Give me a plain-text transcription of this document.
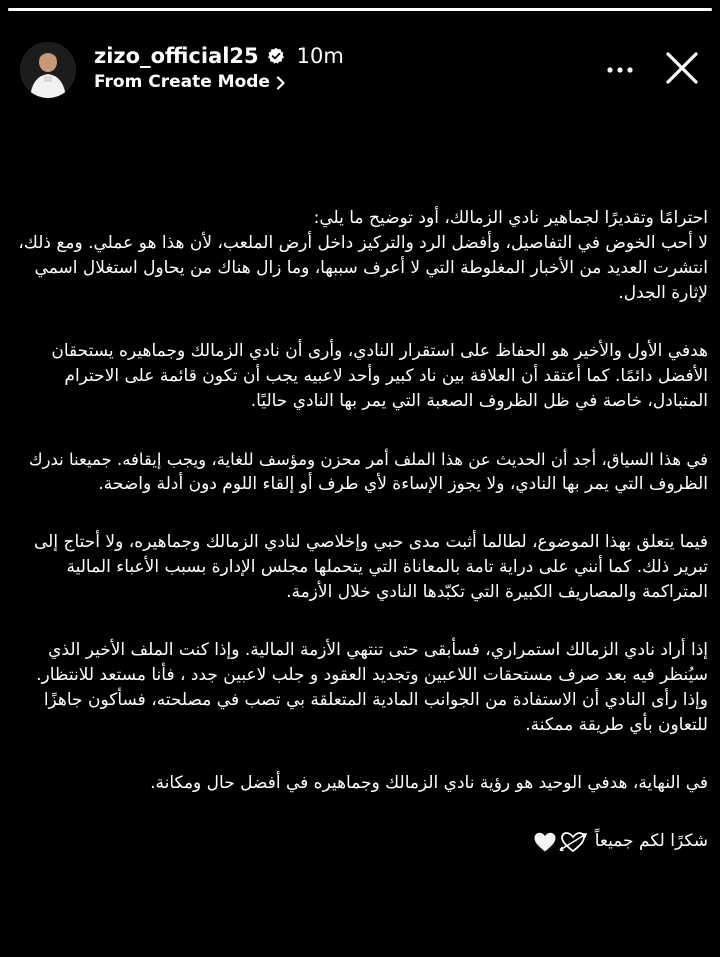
zizo_official25 10m
From Create Mode
احترامًا وتقديرًا لجماهير نادي الزمالك، أود توضيح ما يلي:
لا أحب الخوض في التفاصيل، وأفضل الرد والتركيز داخل أرض الملعب، لأن هذا هو عملي. ومع ذلك،
انتشرت العديد من الأخبار المغلوطة التي لا أعرف سببها، وما زال هناك من يحاول استغلال اسمي
لإثارة الجدل.
هدفي الأول والأخير هو الحفاظ على استقرار النادي، وأرى أن نادي الزمالك وجماهيره يستحقان
الأفضل دائمًا. كما أعتقد أن العلاقة بين ناد كبير وأحد لاعبيه يجب أن تكون قائمة على الاحترام
المتبادل، خاصة في ظل الظروف الصعبة التي يمر بها النادي حاليًا.
في هذا السياق، أجد أن الحديث عن هذا الملف أمر محزن ومؤسف للغاية، ويجب إيقافه. جميعنا ندرك
الظروف التي يمر بها النادي، ولا يجوز الإساءة لأي طرف أو إلقاء اللوم دون أدلة واضحة.
فيما يتعلق بهذا الموضوع، لطالما أثبت مدى حبي وإخلاصي لنادي الزمالك وجماهيره، ولا أحتاج إلى
تبرير ذلك. كما أنني على دراية تامة بالمعاناة التي يتحملها مجلس الإدارة بسبب الأعباء المالية
المتراكمة والمصاريف الكبيرة التي تكبّدها النادي خلال الأزمة.
إذا أراد نادي الزمالك استمراري، فسأبقى حتى تنتهي الأزمة المالية. وإذا كنت الملف الأخير الذي
سيُنظر فيه بعد صرف مستحقات اللاعبين وتجديد العقود و جلب لاعبين جدد ، فأنا مستعد للانتظار.
وإذا رأى النادي أن الاستفادة من الجوانب المادية المتعلقة بي تصب في مصلحته، فسأكون جاهزًا
للتعاون بأي طريقة ممكنة.
في النهاية، هدفي الوحيد هو رؤية نادي الزمالك وجماهيره في أفضل حال ومكانة.
شكرًا لكم جميعاً
